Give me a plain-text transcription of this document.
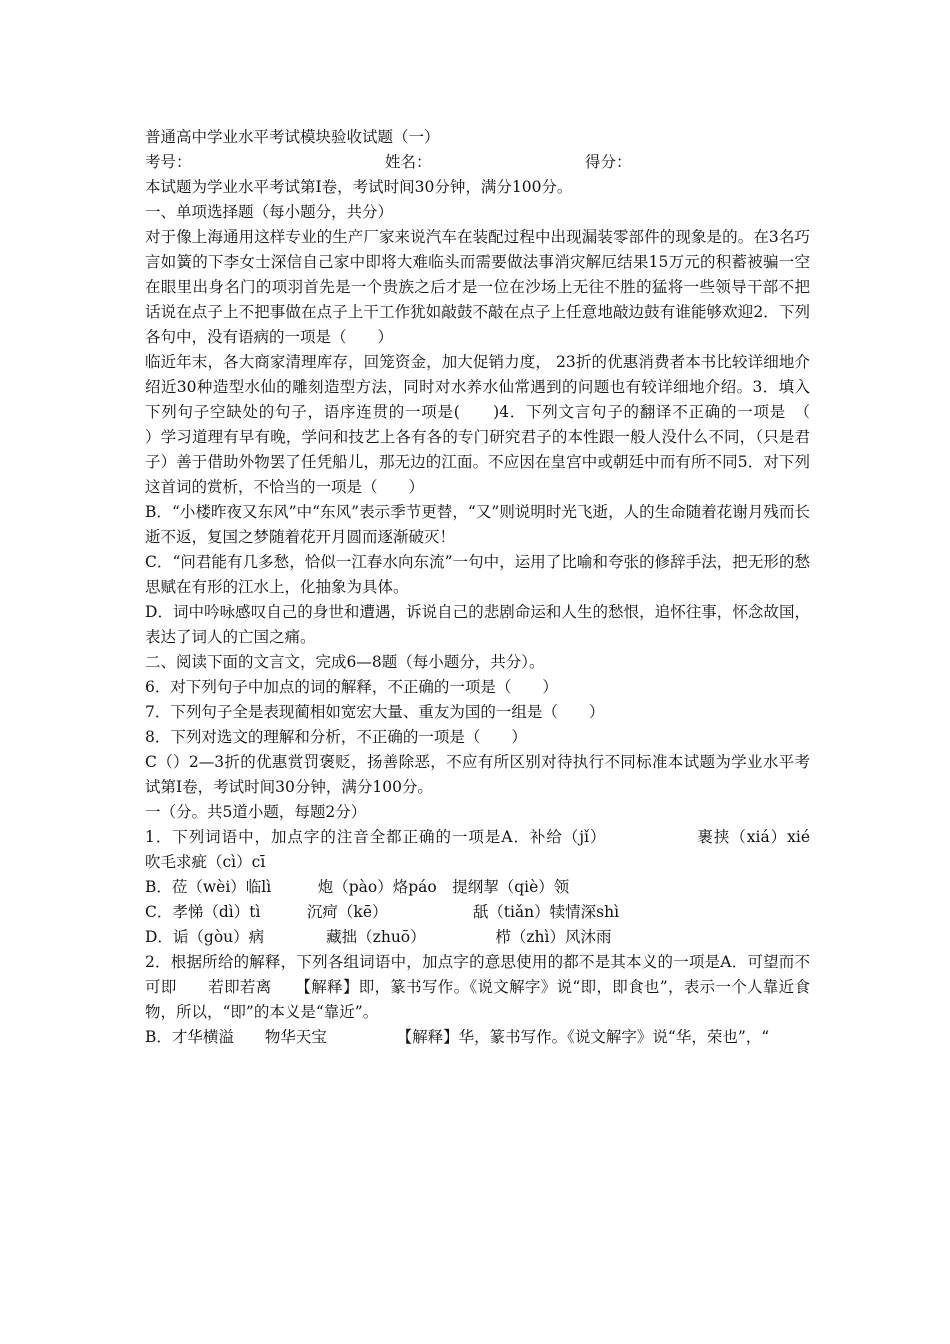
普通高中学业水平考试模块验收试题（一）

考号：	姓名：	得分：

本试题为学业水平考试第Ⅰ卷，考试时间30分钟，满分100分。

一、单项选择题（每小题分，共分）

对于像上海通用这样专业的生产厂家来说汽车在装配过程中出现漏装零部件的现象是的。在3名巧言如簧的下李女士深信自己家中即将大难临头而需要做法事消灾解厄结果15万元的积蓄被骗一空在眼里出身名门的项羽首先是一个贵族之后才是一位在沙场上无往不胜的猛将一些领导干部不把话说在点子上不把事做在点子上干工作犹如敲鼓不敲在点子上任意地敲边鼓有谁能够欢迎2．下列各句中，没有语病的一项是（　　）

临近年末，各大商家清理库存，回笼资金，加大促销力度， 23折的优惠消费者本书比较详细地介绍近30种造型水仙的雕刻造型方法，同时对水养水仙常遇到的问题也有较详细地介绍。3．填入下列句子空缺处的句子，语序连贯的一项是(　　)4．下列文言句子的翻译不正确的一项是　（　　）学习道理有早有晚，学问和技艺上各有各的专门研究君子的本性跟一般人没什么不同，（只是君子）善于借助外物罢了任凭船儿，那无边的江面。不应因在皇宫中或朝廷中而有所不同5．对下列这首词的赏析，不恰当的一项是（　　）

B．“小楼昨夜又东风”中“东风”表示季节更替，“又”则说明时光飞逝，人的生命随着花谢月残而长逝不返，复国之梦随着花开月圆而逐渐破灭！

C．“问君能有几多愁，恰似一江春水向东流”一句中，运用了比喻和夸张的修辞手法，把无形的愁思赋在有形的江水上，化抽象为具体。

D．词中吟咏感叹自己的身世和遭遇，诉说自己的悲剧命运和人生的愁恨，追怀往事，怀念故国，表达了词人的亡国之痛。

二、阅读下面的文言文，完成6—8题（每小题分，共分）。

6．对下列句子中加点的词的解释，不正确的一项是（　　）

7．下列句子全是表现蔺相如宽宏大量、重友为国的一组是（　　）

8．下列对选文的理解和分析，不正确的一项是（　　）

C（）2—3折的优惠赏罚褒贬，扬善除恶，不应有所区别对待执行不同标准本试题为学业水平考试第Ⅰ卷，考试时间30分钟，满分100分。

一（分。共5道小题，每题2分）

1．下列词语中，加点字的注音全都正确的一项是A．补给（jǐ）　　　　　　裹挟（xiá）xié　　　　　吹毛求疵（cì）cī

B．莅（wèi）临lì　　　炮（pào）烙páo　提纲挈（qiè）领

C．孝悌（dì）tì　　　沉疴（kē）　　　　　　舐（tiǎn）犊情深shì

D．诟（gòu）病　　　　藏拙（zhuō）　　　　　栉（zhì）风沐雨

2．根据所给的解释，下列各组词语中，加点字的意思使用的都不是其本义的一项是A．可望而不可即　　若即若离　　【解释】即，篆书写作。《说文解字》说“即，即食也”，表示一个人靠近食物，所以，“即”的本义是“靠近”。

B．才华横溢　　物华天宝　　　　　【解释】华，篆书写作。《说文解字》说“华，荣也”，“
